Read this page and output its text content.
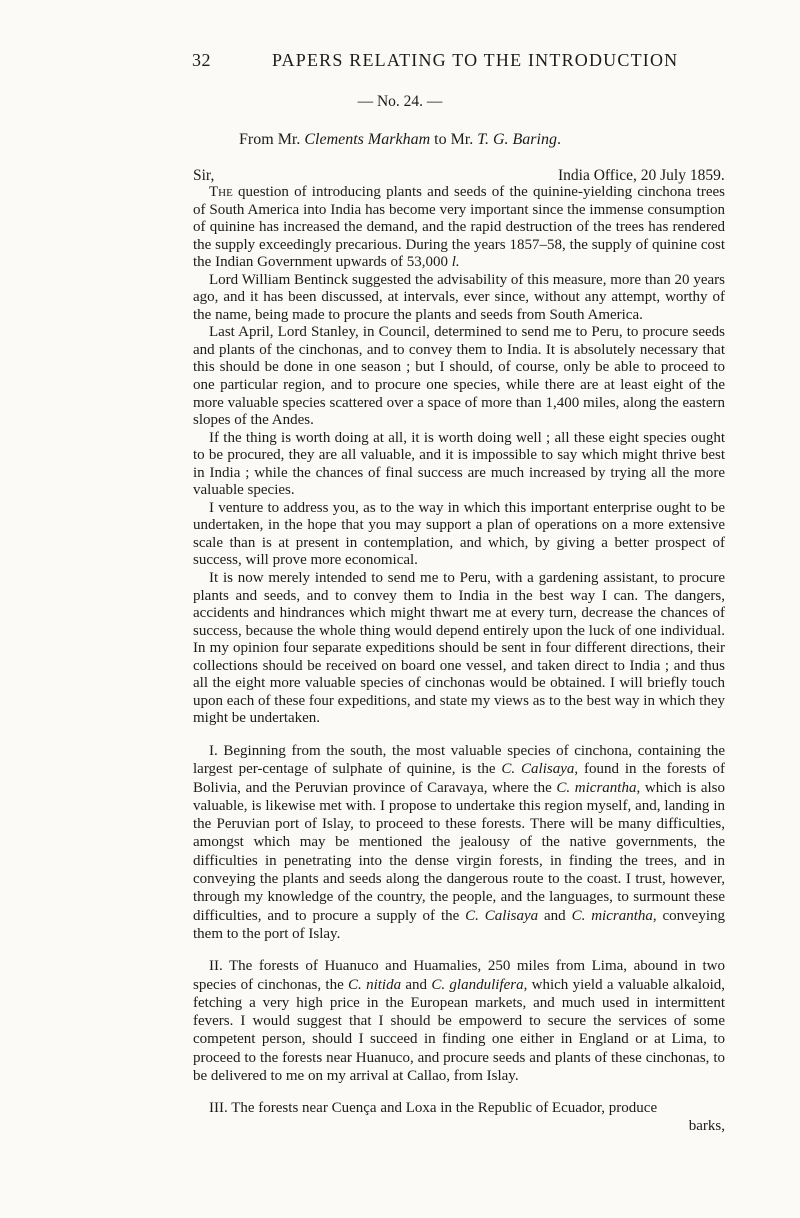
32	PAPERS RELATING TO THE INTRODUCTION
— No. 24. —
From Mr. Clements Markham to Mr. T. G. Baring.
Sir,	India Office, 20 July 1859.

The question of introducing plants and seeds of the quinine-yielding cinchona trees of South America into India has become very important since the immense consumption of quinine has increased the demand, and the rapid destruction of the trees has rendered the supply exceedingly precarious. During the years 1857–58, the supply of quinine cost the Indian Government upwards of 53,000 l.

Lord William Bentinck suggested the advisability of this measure, more than 20 years ago, and it has been discussed, at intervals, ever since, without any attempt, worthy of the name, being made to procure the plants and seeds from South America.

Last April, Lord Stanley, in Council, determined to send me to Peru, to procure seeds and plants of the cinchonas, and to convey them to India. It is absolutely necessary that this should be done in one season ; but I should, of course, only be able to proceed to one particular region, and to procure one species, while there are at least eight of the more valuable species scattered over a space of more than 1,400 miles, along the eastern slopes of the Andes.

If the thing is worth doing at all, it is worth doing well ; all these eight species ought to be procured, they are all valuable, and it is impossible to say which might thrive best in India ; while the chances of final success are much increased by trying all the more valuable species.

I venture to address you, as to the way in which this important enterprise ought to be undertaken, in the hope that you may support a plan of operations on a more extensive scale than is at present in contemplation, and which, by giving a better prospect of success, will prove more economical.

It is now merely intended to send me to Peru, with a gardening assistant, to procure plants and seeds, and to convey them to India in the best way I can. The dangers, accidents and hindrances which might thwart me at every turn, decrease the chances of success, because the whole thing would depend entirely upon the luck of one individual. In my opinion four separate expeditions should be sent in four different directions, their collections should be received on board one vessel, and taken direct to India ; and thus all the eight more valuable species of cinchonas would be obtained. I will briefly touch upon each of these four expeditions, and state my views as to the best way in which they might be undertaken.

I. Beginning from the south, the most valuable species of cinchona, containing the largest per-centage of sulphate of quinine, is the C. Calisaya, found in the forests of Bolivia, and the Peruvian province of Caravaya, where the C. micrantha, which is also valuable, is likewise met with. I propose to undertake this region myself, and, landing in the Peruvian port of Islay, to proceed to these forests. There will be many difficulties, amongst which may be mentioned the jealousy of the native governments, the difficulties in penetrating into the dense virgin forests, in finding the trees, and in conveying the plants and seeds along the dangerous route to the coast. I trust, however, through my knowledge of the country, the people, and the languages, to surmount these difficulties, and to procure a supply of the C. Calisaya and C. micrantha, conveying them to the port of Islay.

II. The forests of Huanuco and Huamalies, 250 miles from Lima, abound in two species of cinchonas, the C. nitida and C. glandulifera, which yield a valuable alkaloid, fetching a very high price in the European markets, and much used in intermittent fevers. I would suggest that I should be empowerd to secure the services of some competent person, should I succeed in finding one either in England or at Lima, to proceed to the forests near Huanuco, and procure seeds and plants of these cinchonas, to be delivered to me on my arrival at Callao, from Islay.

III. The forests near Cuença and Loxa in the Republic of Ecuador, produce

barks,
